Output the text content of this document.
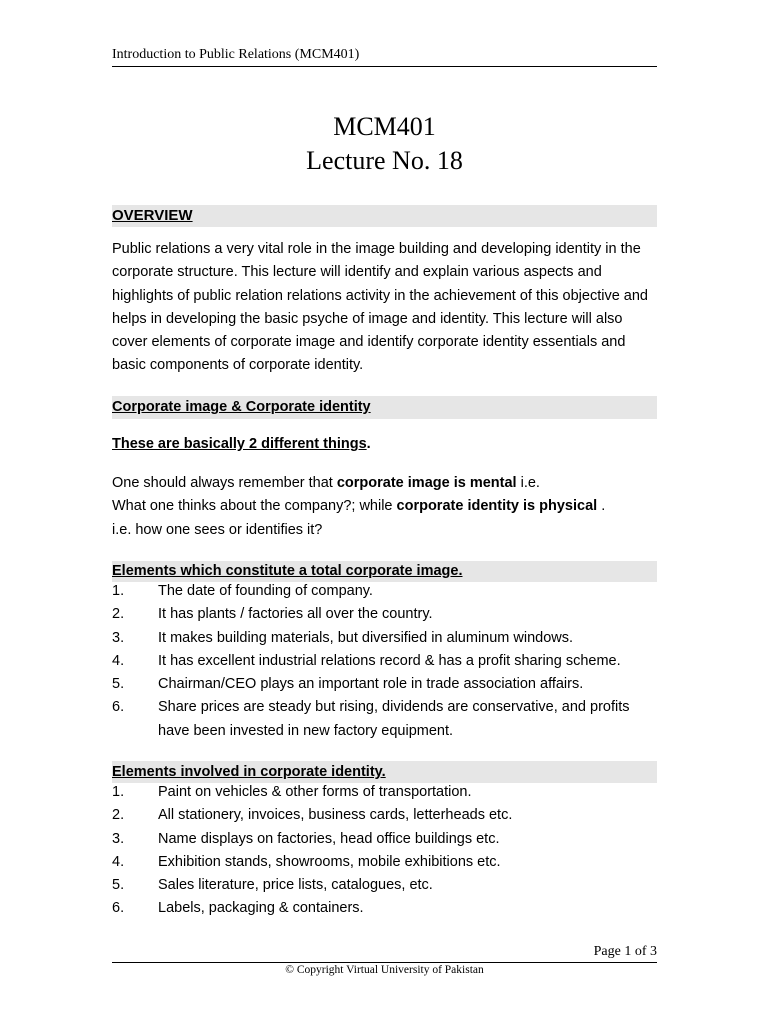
Introduction to Public Relations (MCM401)
MCM401
Lecture No. 18
OVERVIEW
Public relations a very vital role in the image building and developing identity in the corporate structure. This lecture will identify and explain various aspects and highlights of public relation relations activity in the achievement of this objective and helps in developing the basic psyche of image and identity. This lecture will also cover elements of corporate image and identify corporate identity essentials and basic components of corporate identity.
Corporate image & Corporate identity
These are basically 2 different things.
One should always remember that corporate image is mental i.e.
What one thinks about the company?; while corporate identity is physical .
i.e. how one sees or identifies it?
Elements which constitute a total corporate image.
1.	The date of founding of company.
2.	It has plants / factories all over the country.
3.	It makes building materials, but diversified in aluminum windows.
4.	It has excellent industrial relations record & has a profit sharing scheme.
5.	Chairman/CEO plays an important role in trade association affairs.
6.	Share prices are steady but rising, dividends are conservative, and profits have been invested in new factory equipment.
Elements involved in corporate identity.
1.	Paint on vehicles & other forms of transportation.
2.	All stationery, invoices, business cards, letterheads etc.
3.	Name displays on factories, head office buildings etc.
4.	Exhibition stands, showrooms, mobile exhibitions etc.
5.	Sales literature, price lists, catalogues, etc.
6.	Labels, packaging & containers.
Page 1 of 3
© Copyright Virtual University of Pakistan
